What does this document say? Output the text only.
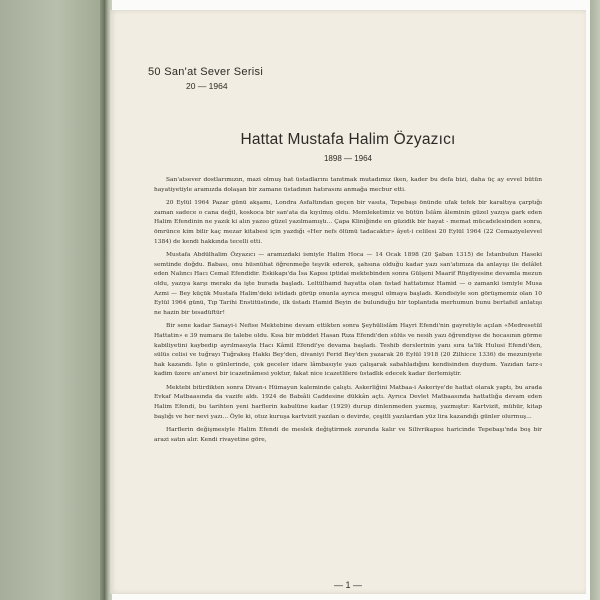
50 San'at Sever Serisi
20 — 1964
Hattat Mustafa Halim Özyazıcı
1898 — 1964

San'atsever dostlarımızın, mazi olmuş hat üstadlarını tanıtmak mutadımız iken, kader bu defa bizi, daha üç ay evvel bütün hayatiyetiyle aramızda dolaşan bir zamane üstadının hatırasını anmağa mecbur etti.

20 Eylül 1964 Pazar günü akşamı, Londra Asfaltından geçen bir vasıta, Tepebaşı önünde ufak tefek bir karaltıya çarptığı zaman sadece o cana değil, koskoca bir san'ata da kıyılmış oldu. Memleketimiz ve bütün İslâm âleminin güzel yazıya gark eden Halim Efendinin ne yazık ki alın yazısı güzel yazılmamıştı... Çapa Kliniğinde en güzidik bir hayat - memat mücadelesinden sonra, ömrünce kim bilir kaç mezar kitabesi için yazdığı «Her nefs ölümü tadacaktır» âyet-i celilesi 20 Eylül 1964 (22 Cemaziyelevvel 1384) de kendi hakkında tecelli etti.

Mustafa Abdülhalim Özyazıcı — aramızdaki ismiyle Halim Hoca — 14 Ocak 1898 (20 Şaban 1315) de İstanbulun Haseki semtinde doğdu. Babası, onu hüsnühat öğrenmeğe teşvik ederek, şahsına olduğu kadar yazı san'atımıza da anlayışı ile delâlet eden Nalıncı Hacı Cemal Efendidir. Eskikapı'da İsa Kapısı iptidai mektebinden sonra Gülşeni Maarif Rüşdiyesine devamla mezun oldu, yazıya karşı merakı da işte burada başladı. Leltülhamd hayatta olan üstad hattatımız Hamid — o zamanki ismiyle Musa Azmi — Bey küçük Mustafa Halim'deki istidadı görüp onunla ayrıca meşgul olmaya başladı. Kendisiyle son görüşmemiz olan 10 Eylül 1964 günü, Tıp Tarihi Enstitüsünde, ilk üstadı Hamid Beyin de bulunduğu bir toplantıda merhumun bunu bertafsil anlatışı ne hazin bir tesadüftür!

Bir sene kadar Sanayi-i Nefise Mektebine devam ettikten sonra Şeyhülislâm Hayri Efendi'nin gayretiyle açılan «Medresetül Hattatin» e 39 numara ile talebe oldu. Kısa bir müddet Hasan Rıza Efendi'den sülüs ve nesih yazı öğrendiyse de hocasının görme kabiliyetini kaybedip ayrılmasıyla Hacı Kâmil Efendi'ye devama başladı. Teshib derslerinin yanı sıra ta'lik Hulusi Efendi'den, sülüs celisi ve tuğrayı Tuğrakeş Hakkı Bey'den, divaniyi Ferid Bey'den yazarak 26 Eylül 1918 (20 Zilhicce 1336) de mezuniyete hak kazandı. İşte o günlerinde, çok geceler idare lâmbasıyle yazı çalışarak sabahladığını kendisinden duydum. Yazıdan tarz-ı kadim üzere an'anevi bir icazetnâmesi yoktur, fakat nice icazetlilere üstadlık edecek kadar ilerlemiştir.

Mektebi bitirdikten sonra Divan-ı Hümayun kaleminde çalıştı. Askerliğini Matbaa-i Askeriye'de hattat olarak yaptı, bu arada Evkaf Matbaasında da vazife aldı. 1924 de Babıâli Caddesine dükkân açtı. Ayrıca Devlet Matbaasında hattatlığa devam eden Halim Efendi, bu tarihten yeni harflerin kabulüne kadar (1929) durup dinlenmeden yazmış, yazmıştır: Kartvizit, mühür, kitap başlığı ve her nevi yazı... Öyle ki, otuz kuruşa kartvizit yazılan o devirde, çeşitli yazılardan yüz lira kazandığı günler olurmuş...

Harflerin değişmesiyle Halim Efendi de meslek değiştirmek zorunda kalır ve Silivrikapısı haricinde Tepebaşı'nda boş bir arazi satın alır. Kendi rivayetine göre,

— 1 —
